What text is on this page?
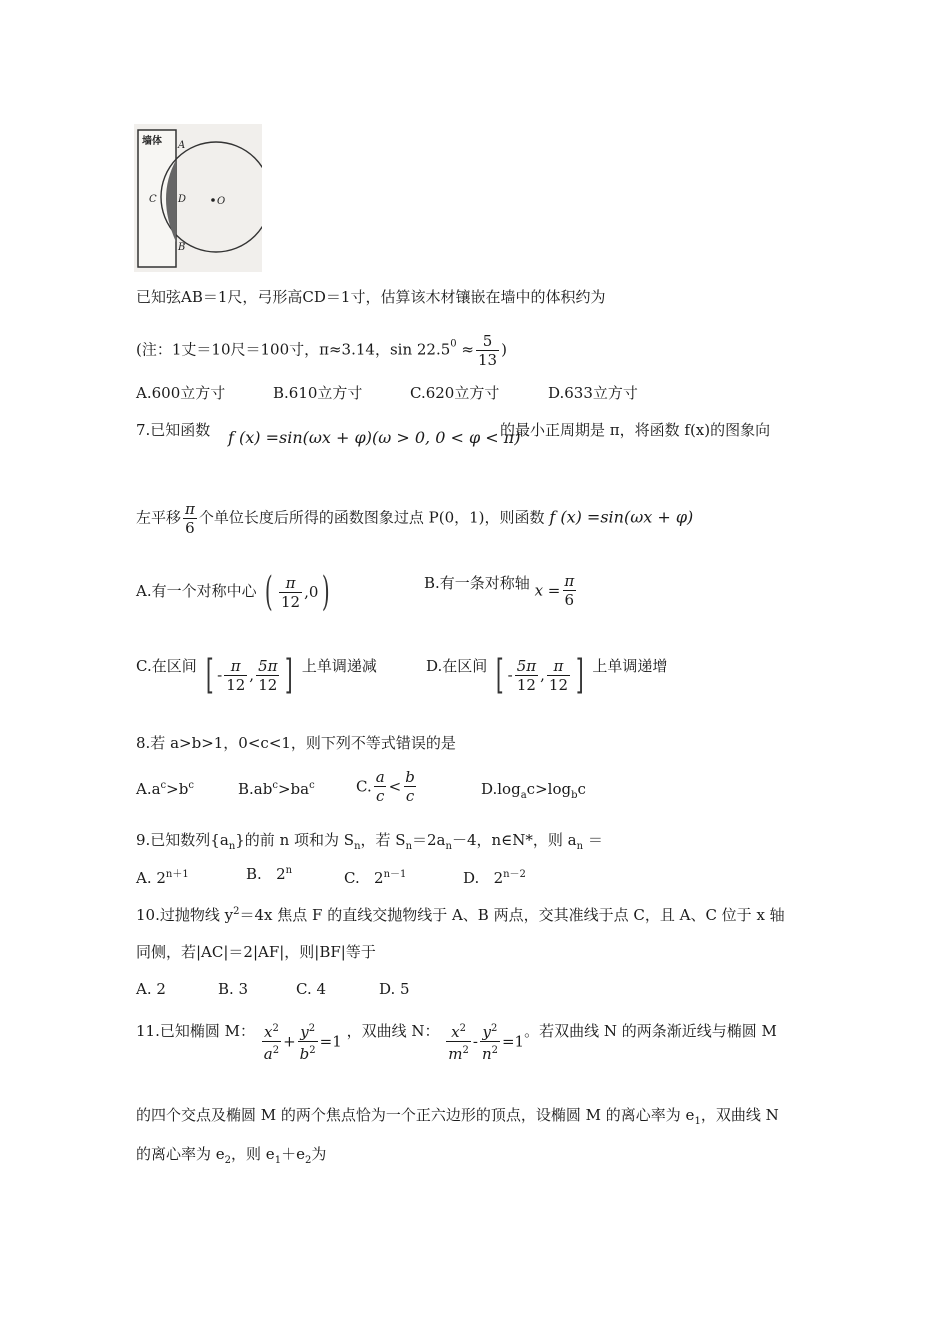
墙体 A
B
C D	O
已知弦AB＝1尺，弓形高CD＝1寸，估算该木材镶嵌在墙中的体积约为
(注：1丈＝10尺＝100寸，π≈3.14，$\sin 22.5^0 \approx \frac{5}{13}$ )
A.600立方寸	B.610立方寸	C.620立方寸	D.633立方寸
7.已知函数 f (x) =sin(ωx + φ)(ω > 0, 0 < φ < π)
的最小正周期是 π，将函数 f(x)的图象向
左平移 $\frac{\pi}{6}$ 个单位长度后所得的函数图象过点 P(0，1)，则函数 f (x) =sin(ωx + φ)
A.有一个对称中心 ( $\frac{\pi}{12} ,0$ )	B.有一条对称轴 $x = \frac{\pi}{6}$
C.在区间 [ - $\frac{\pi}{12}$ , $\frac{5\pi}{12}$ ] 上单调递减	D.在区间 [ - $\frac{5\pi}{12}$ , $\frac{\pi}{12}$ ] 上单调递增
8.若 a>b>1，0<c<1，则下列不等式错误的是
$A.a^c>b^c$	$B.ab^c>ba^c$	C. $\frac{a}{c} < \frac{b}{c}$	$D.\log_ac>\log_bc$
9.已知数列$\{a_n\}$的前 n 项和为 $S_n$，若 $S_n=2a_n-4$，n∈N*，则 $a_n$ ＝
A. $2^{n+1}$	B.   2$^n$	C.   $2^{n-1}$	D.   $2^{n-2}$
10.过抛物线 $y^2=4x$ 焦点 F 的直线交抛物线于 A、B 两点，交其准线于点 C，且 A、C 位于 x 轴
同侧，若|AC|＝2|AF|，则|BF|等于
A. 2	B. 3	C. 4	D. 5
11.已知椭圆 M： $\frac{x^2}{a^2} + \frac{y^2}{b^2} =1$ ，双曲线 N： $\frac{x^2}{m^2} - \frac{y^2}{n^2} =1$。若双曲线 N 的两条渐近线与椭圆 M
的四个交点及椭圆 M 的两个焦点恰为一个正六边形的顶点，设椭圆 M 的离心率为 $e_1$，双曲线 N
的离心率为 $e_2$，则 $e_1+e_2$为
